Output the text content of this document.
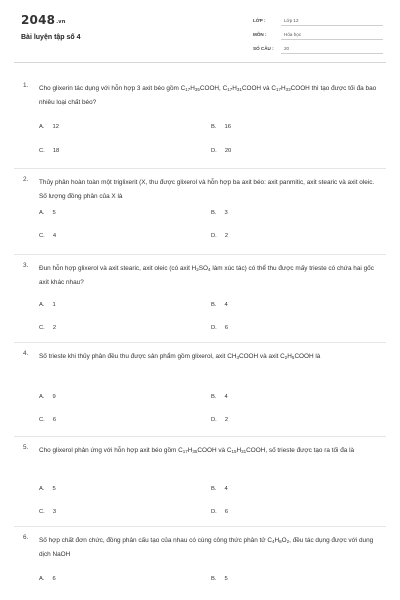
2048.vn
Bài luyện tập số 4
LỚP :	Lớp 12
MÔN :	Hóa học
SỐ CÂU : 20
1. Cho glixerin tác dụng với hỗn hợp 3 axit béo gồm $C_{17}H_{35}COOH$, $C_{17}H_{31}COOH$ và $C_{17}H_{33}COOH$ thì tạo được tối đa bao nhiêu loại chất béo?

A. 12	B. 16
C. 18	D. 20
2. Thủy phân hoàn toàn một triglixerit (X, thu được glixerol và hỗn hợp ba axit béo: axit panmitic, axit stearic và axit oleic. Số lượng đồng phân của X là

A. 5	B. 3
C. 4	D. 2
3. Đun hỗn hợp glixerol và axit stearic, axit oleic (có axit $H_2SO_4$ làm xúc tác) có thể thu được mấy trieste có chứa hai gốc axit khác nhau?

A. 1	B. 4
C. 2	D. 6
4. Số trieste khi thủy phân đều thu được sản phẩm gồm glixerol, axit $CH_3COOH$ và axit $C_2H_5COOH$ là

A. 9	B. 4
C. 6	D. 2
5. Cho glixerol phản ứng với hỗn hợp axit béo gồm $C_{17}H_{35}COOH$ và $C_{15}H_{31}COOH$, số trieste được tạo ra tối đa là

A. 5	B. 4
C. 3	D. 6
6. Số hợp chất đơn chức, đồng phân cấu tạo của nhau có cùng công thức phân tử $C_4H_8O_2$, đều tác dụng được với dung dịch NaOH

A. 6	B. 5
